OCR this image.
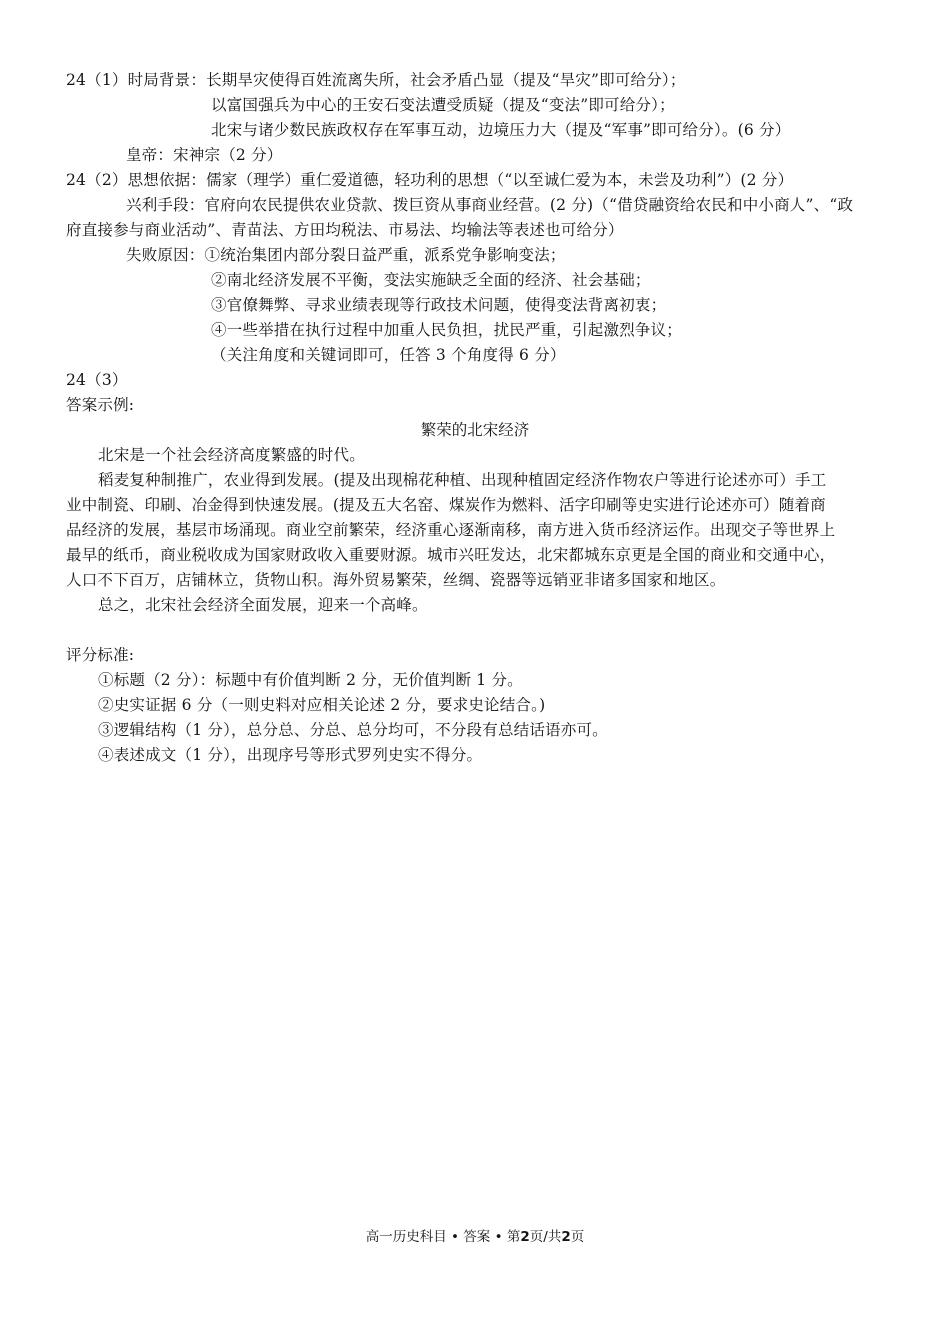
24（1）时局背景：长期旱灾使得百姓流离失所，社会矛盾凸显（提及“旱灾”即可给分）；
以富国强兵为中心的王安石变法遭受质疑（提及“变法”即可给分）；
北宋与诸少数民族政权存在军事互动，边境压力大（提及“军事”即可给分）。(6 分）
皇帝：宋神宗（2 分）
24（2）思想依据：儒家（理学）重仁爱道德，轻功利的思想（“以至诚仁爱为本，未尝及功利”）(2 分）
兴利手段：官府向农民提供农业贷款、拨巨资从事商业经营。(2 分)（“借贷融资给农民和中小商人”、“政
府直接参与商业活动”、青苗法、方田均税法、市易法、均输法等表述也可给分）
失败原因：①统治集团内部分裂日益严重，派系党争影响变法；
②南北经济发展不平衡，变法实施缺乏全面的经济、社会基础；
③官僚舞弊、寻求业绩表现等行政技术问题，使得变法背离初衷；
④一些举措在执行过程中加重人民负担，扰民严重，引起激烈争议；
（关注角度和关键词即可，任答 3 个角度得 6 分）
24（3）
答案示例:
繁荣的北宋经济
北宋是一个社会经济高度繁盛的时代。
稻麦复种制推广，农业得到发展。(提及出现棉花种植、出现种植固定经济作物农户等进行论述亦可）手工
业中制瓷、印刷、冶金得到快速发展。(提及五大名窑、煤炭作为燃料、活字印刷等史实进行论述亦可）随着商
品经济的发展，基层市场涌现。商业空前繁荣，经济重心逐渐南移，南方进入货币经济运作。出现交子等世界上
最早的纸币，商业税收成为国家财政收入重要财源。城市兴旺发达，北宋都城东京更是全国的商业和交通中心，
人口不下百万，店铺林立，货物山积。海外贸易繁荣，丝绸、瓷器等远销亚非诸多国家和地区。
总之，北宋社会经济全面发展，迎来一个高峰。
评分标准:
①标题（2 分）：标题中有价值判断 2 分，无价值判断 1 分。
②史实证据 6 分（一则史料对应相关论述 2 分，要求史论结合。)
③逻辑结构（1 分），总分总、分总、总分均可，不分段有总结话语亦可。
④表述成文（1 分），出现序号等形式罗列史实不得分。
高一历史科目 • 答案 • 第2页/共2页
